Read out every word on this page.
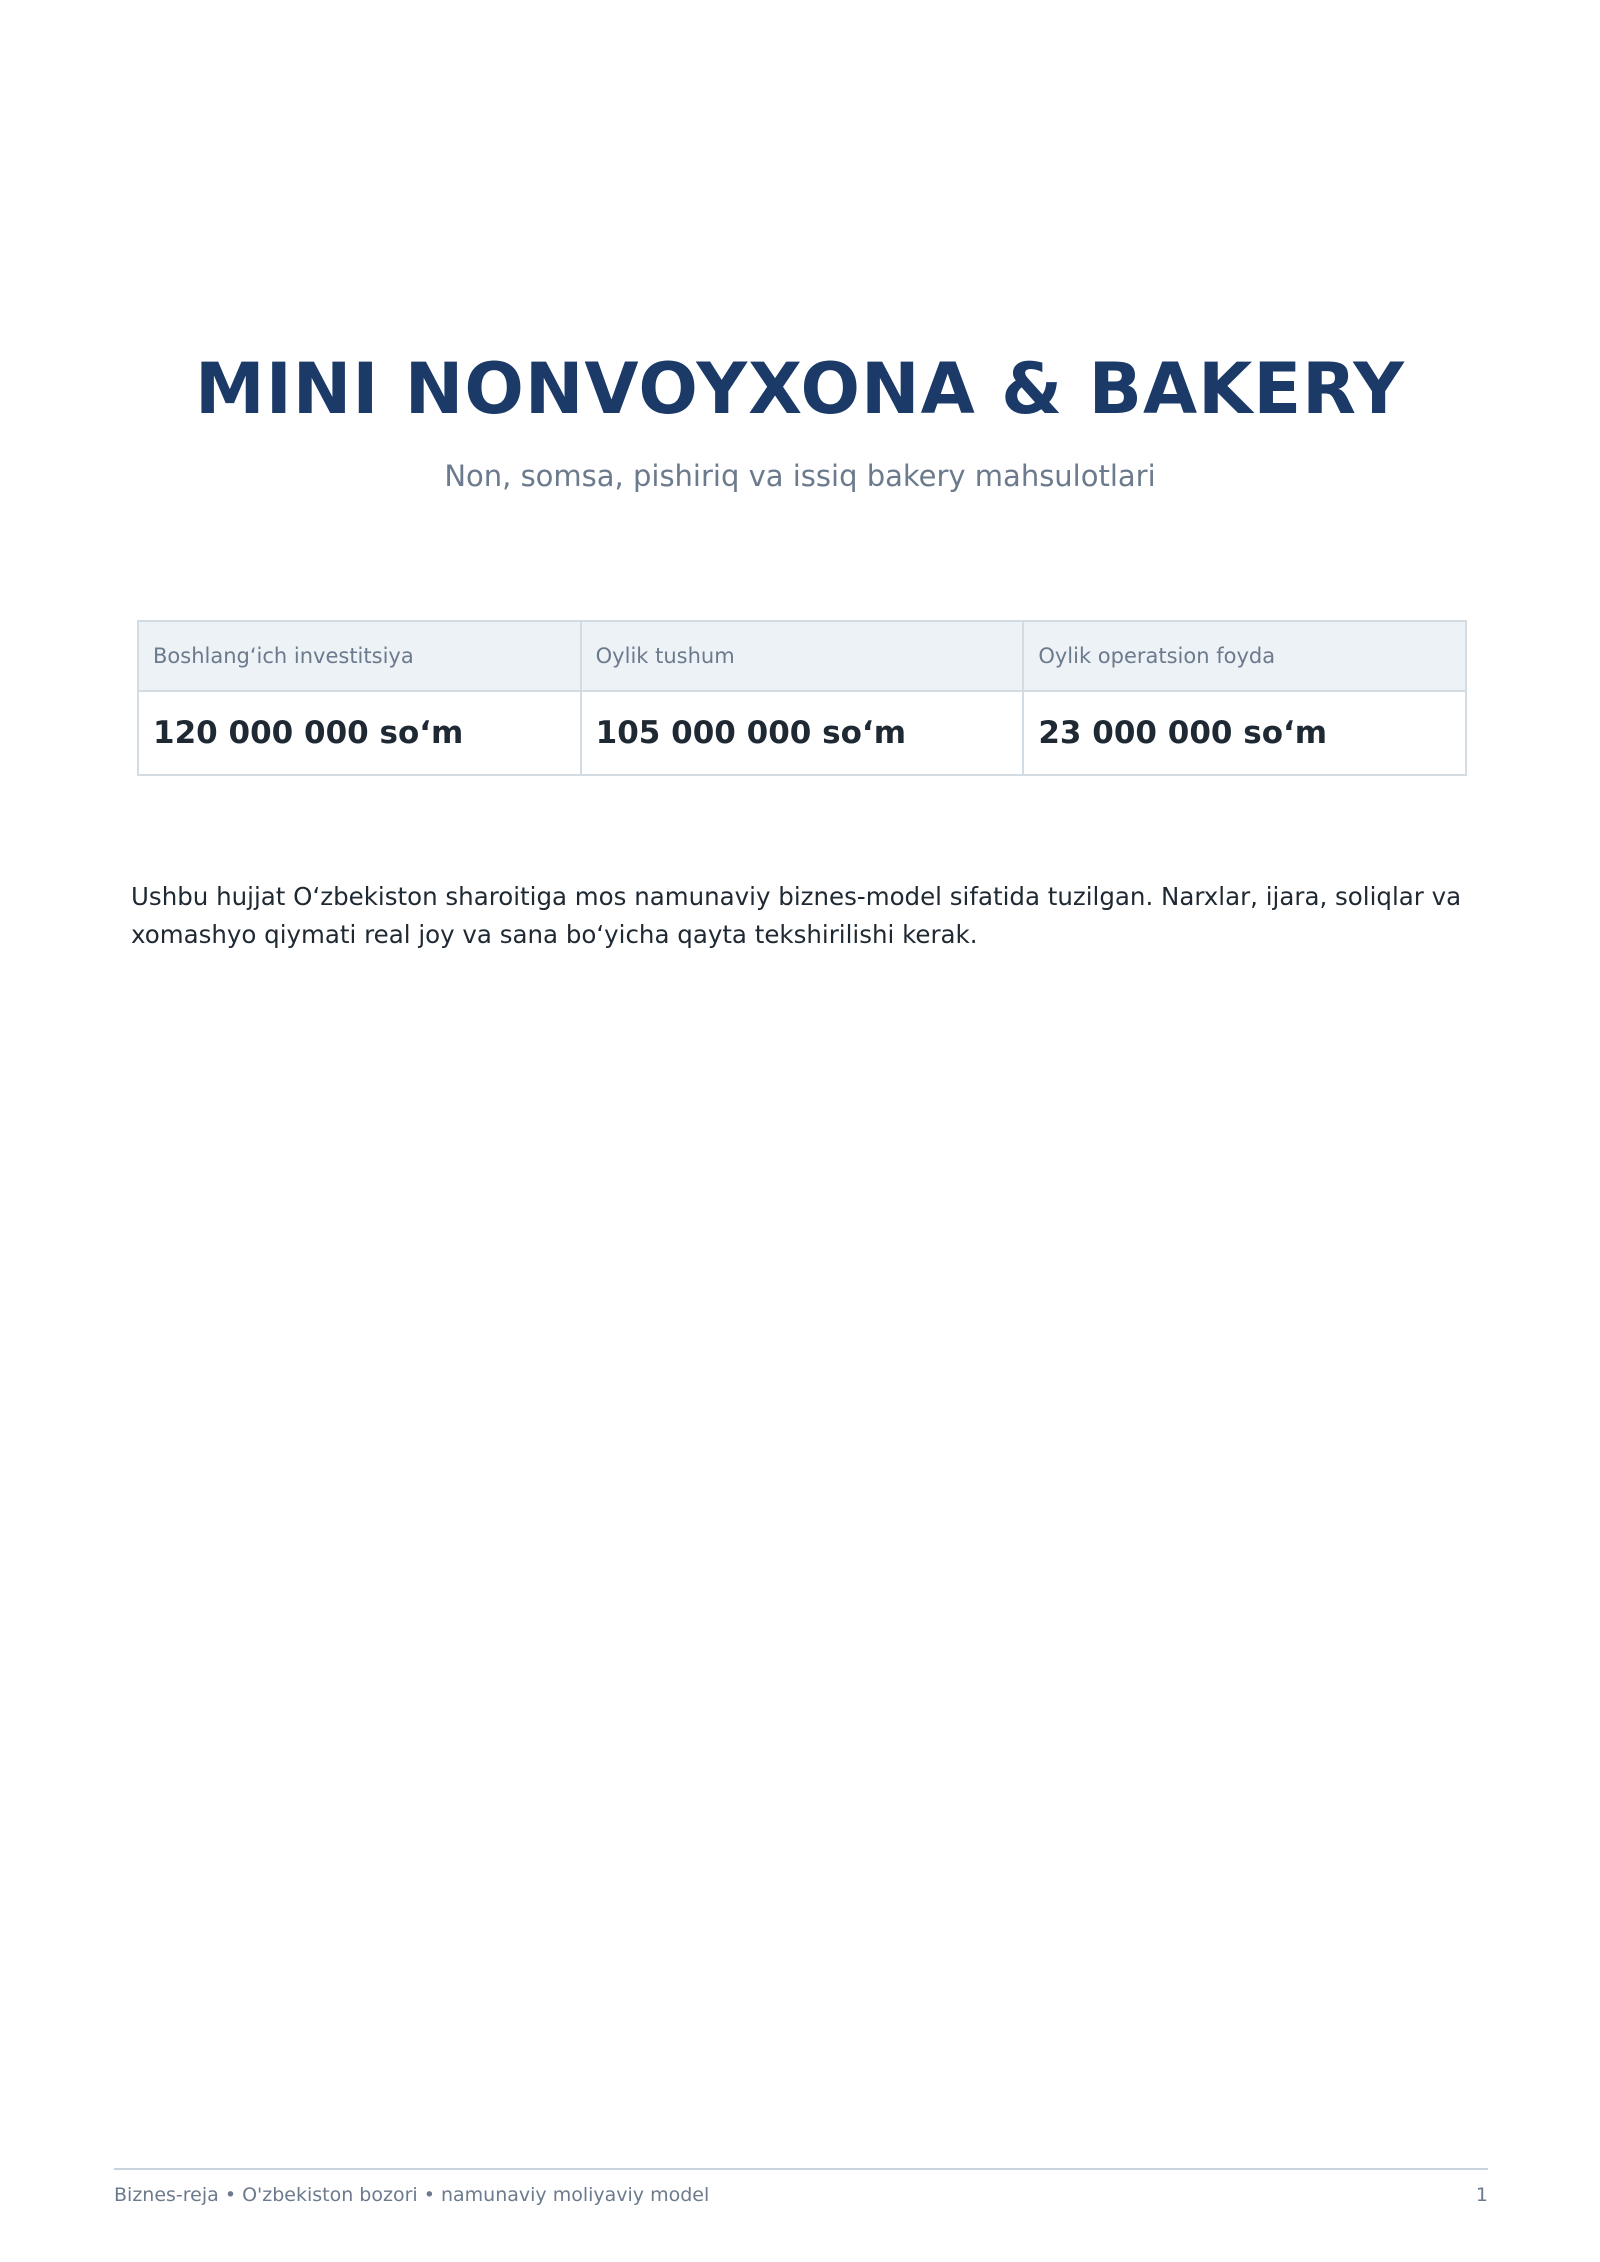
MINI NONVOYXONA & BAKERY

Non, somsa, pishiriq va issiq bakery mahsulotlari

Boshlang‘ich investitsiya	Oylik tushum	Oylik operatsion foyda
120 000 000 so‘m	105 000 000 so‘m	23 000 000 so‘m

Ushbu hujjat O‘zbekiston sharoitiga mos namunaviy biznes-model sifatida tuzilgan. Narxlar, ijara, soliqlar va xomashyo qiymati real joy va sana bo‘yicha qayta tekshirilishi kerak.

Biznes-reja • O'zbekiston bozori • namunaviy moliyaviy model	1
